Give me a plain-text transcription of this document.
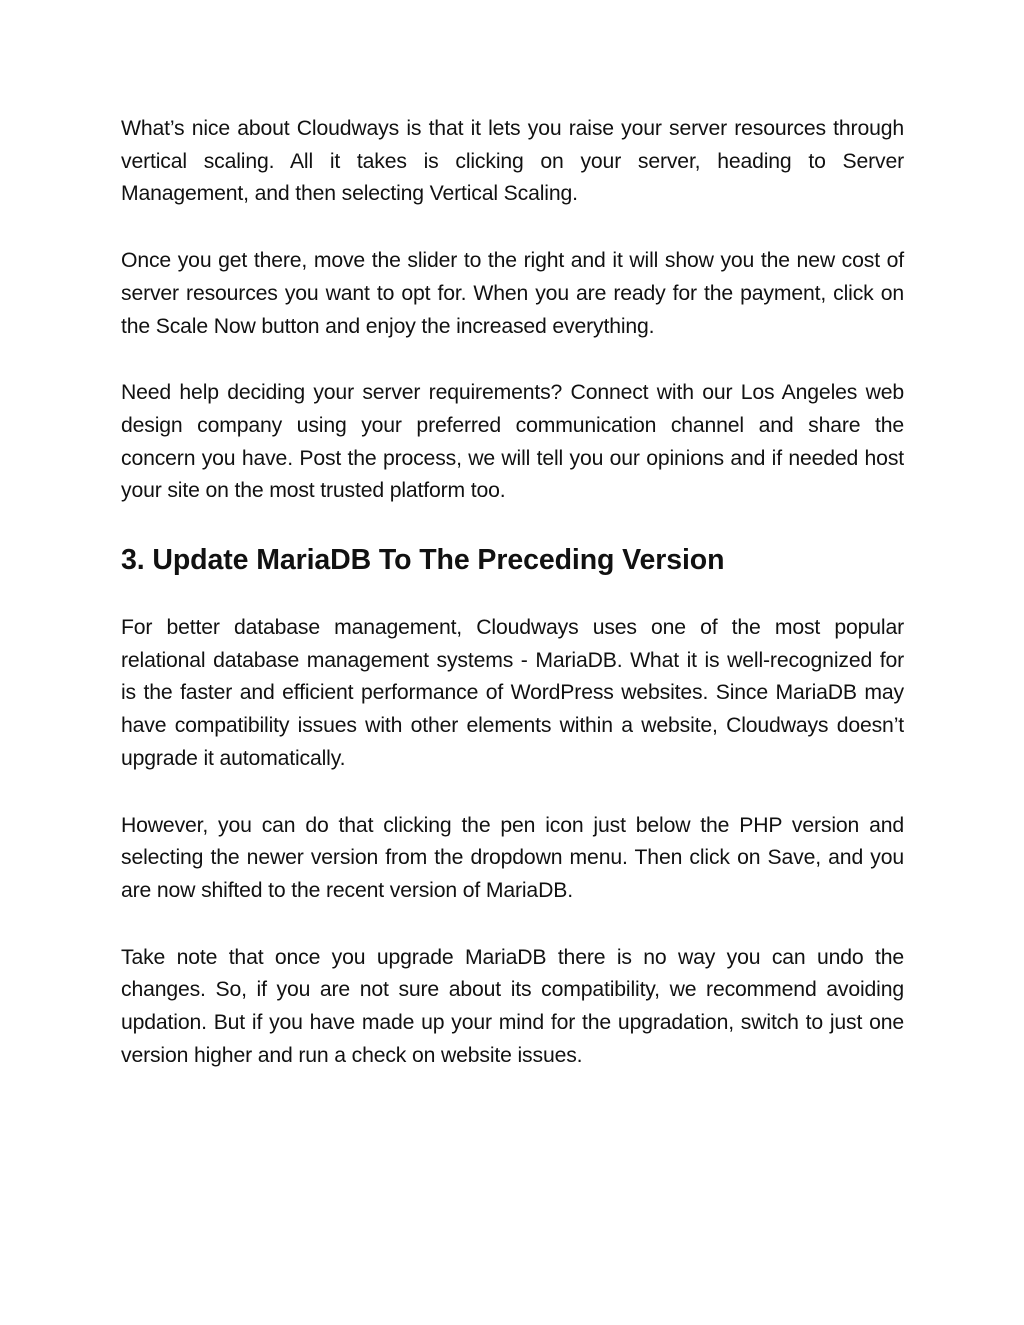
What’s nice about Cloudways is that it lets you raise your server resources through vertical scaling. All it takes is clicking on your server, heading to Server Management, and then selecting Vertical Scaling.

Once you get there, move the slider to the right and it will show you the new cost of server resources you want to opt for. When you are ready for the payment, click on the Scale Now button and enjoy the increased everything.

Need help deciding your server requirements? Connect with our Los Angeles web design company using your preferred communication channel and share the concern you have. Post the process, we will tell you our opinions and if needed host your site on the most trusted platform too.

3. Update MariaDB To The Preceding Version

For better database management, Cloudways uses one of the most popular relational database management systems - MariaDB. What it is well-recognized for is the faster and efficient performance of WordPress websites. Since MariaDB may have compatibility issues with other elements within a website, Cloudways doesn’t upgrade it automatically.

However, you can do that clicking the pen icon just below the PHP version and selecting the newer version from the dropdown menu. Then click on Save, and you are now shifted to the recent version of MariaDB.

Take note that once you upgrade MariaDB there is no way you can undo the changes. So, if you are not sure about its compatibility, we recommend avoiding updation. But if you have made up your mind for the upgradation, switch to just one version higher and run a check on website issues.
